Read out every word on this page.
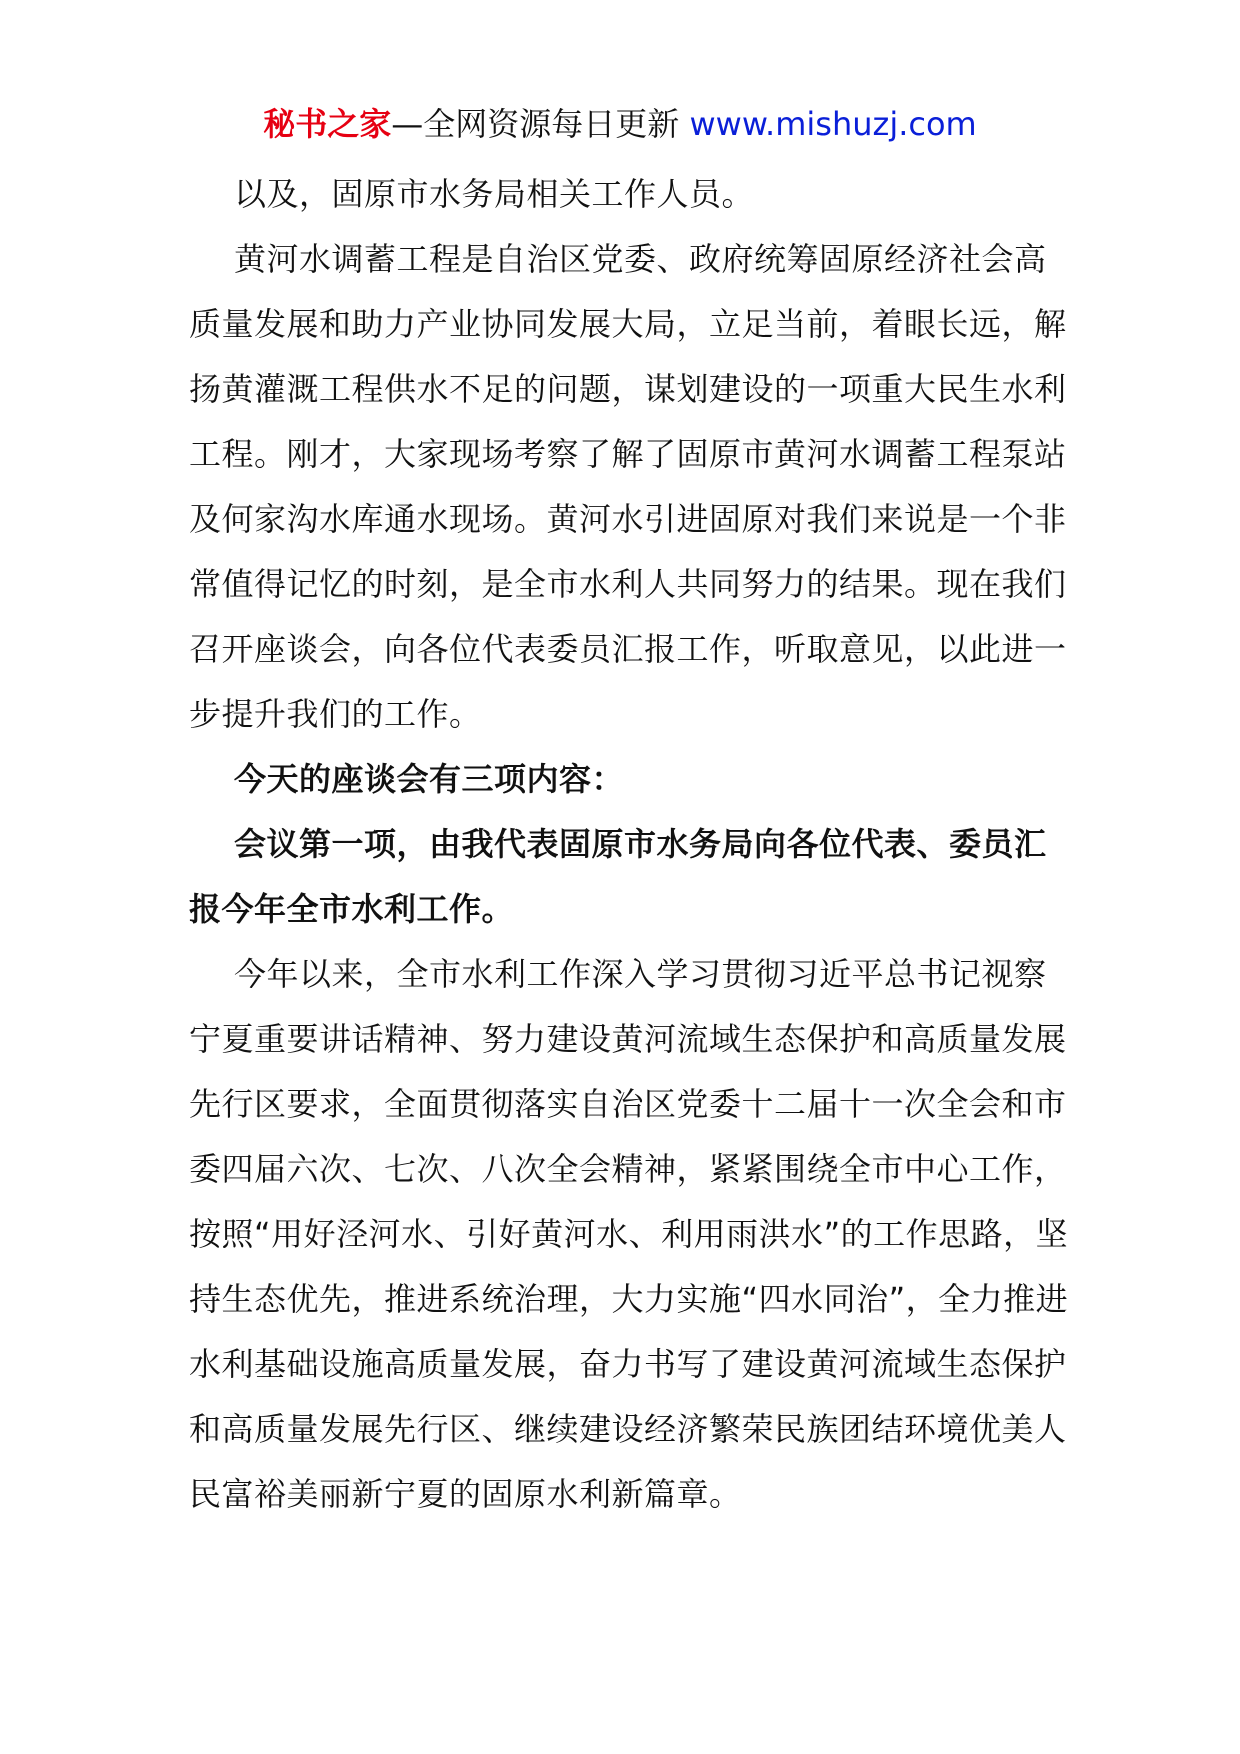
秘书之家—全网资源每日更新 www.mishuzj.com

以及，固原市水务局相关工作人员。

黄河水调蓄工程是自治区党委、政府统筹固原经济社会高质量发展和助力产业协同发展大局，立足当前，着眼长远，解扬黄灌溉工程供水不足的问题，谋划建设的一项重大民生水利工程。刚才，大家现场考察了解了固原市黄河水调蓄工程泵站及何家沟水库通水现场。黄河水引进固原对我们来说是一个非常值得记忆的时刻，是全市水利人共同努力的结果。现在我们召开座谈会，向各位代表委员汇报工作，听取意见，以此进一步提升我们的工作。

今天的座谈会有三项内容：

会议第一项，由我代表固原市水务局向各位代表、委员汇报今年全市水利工作。

今年以来，全市水利工作深入学习贯彻习近平总书记视察宁夏重要讲话精神、努力建设黄河流域生态保护和高质量发展先行区要求，全面贯彻落实自治区党委十二届十一次全会和市委四届六次、七次、八次全会精神，紧紧围绕全市中心工作，按照“用好泾河水、引好黄河水、利用雨洪水”的工作思路，坚持生态优先，推进系统治理，大力实施“四水同治”，全力推进水利基础设施高质量发展，奋力书写了建设黄河流域生态保护和高质量发展先行区、继续建设经济繁荣民族团结环境优美人民富裕美丽新宁夏的固原水利新篇章。
